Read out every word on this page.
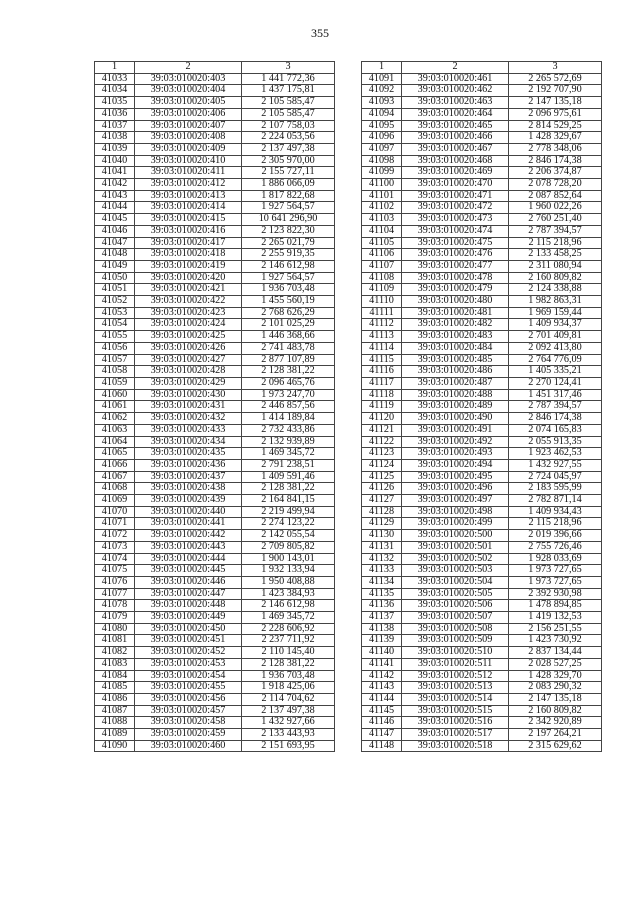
355
1	2	3
41033	39:03:010020:403	1 441 772,36
41034	39:03:010020:404	1 437 175,81
41035	39:03:010020:405	2 105 585,47
41036	39:03:010020:406	2 105 585,47
41037	39:03:010020:407	2 107 758,03
41038	39:03:010020:408	2 224 053,56
41039	39:03:010020:409	2 137 497,38
41040	39:03:010020:410	2 305 970,00
41041	39:03:010020:411	2 155 727,11
41042	39:03:010020:412	1 886 066,09
41043	39:03:010020:413	1 817 822,68
41044	39:03:010020:414	1 927 564,57
41045	39:03:010020:415	10 641 296,90
41046	39:03:010020:416	2 123 822,30
41047	39:03:010020:417	2 265 021,79
41048	39:03:010020:418	2 255 919,35
41049	39:03:010020:419	2 146 612,98
41050	39:03:010020:420	1 927 564,57
41051	39:03:010020:421	1 936 703,48
41052	39:03:010020:422	1 455 560,19
41053	39:03:010020:423	2 768 626,29
41054	39:03:010020:424	2 101 025,29
41055	39:03:010020:425	1 446 368,66
41056	39:03:010020:426	2 741 483,78
41057	39:03:010020:427	2 877 107,89
41058	39:03:010020:428	2 128 381,22
41059	39:03:010020:429	2 096 465,76
41060	39:03:010020:430	1 973 247,70
41061	39:03:010020:431	2 446 857,56
41062	39:03:010020:432	1 414 189,84
41063	39:03:010020:433	2 732 433,86
41064	39:03:010020:434	2 132 939,89
41065	39:03:010020:435	1 469 345,72
41066	39:03:010020:436	2 791 238,51
41067	39:03:010020:437	1 409 591,46
41068	39:03:010020:438	2 128 381,22
41069	39:03:010020:439	2 164 841,15
41070	39:03:010020:440	2 219 499,94
41071	39:03:010020:441	2 274 123,22
41072	39:03:010020:442	2 142 055,54
41073	39:03:010020:443	2 709 805,82
41074	39:03:010020:444	1 900 143,01
41075	39:03:010020:445	1 932 133,94
41076	39:03:010020:446	1 950 408,88
41077	39:03:010020:447	1 423 384,93
41078	39:03:010020:448	2 146 612,98
41079	39:03:010020:449	1 469 345,72
41080	39:03:010020:450	2 228 606,92
41081	39:03:010020:451	2 237 711,92
41082	39:03:010020:452	2 110 145,40
41083	39:03:010020:453	2 128 381,22
41084	39:03:010020:454	1 936 703,48
41085	39:03:010020:455	1 918 425,06
41086	39:03:010020:456	2 114 704,62
41087	39:03:010020:457	2 137 497,38
41088	39:03:010020:458	1 432 927,66
41089	39:03:010020:459	2 133 443,93
41090	39:03:010020:460	2 151 693,95
1	2	3
41091	39:03:010020:461	2 265 572,69
41092	39:03:010020:462	2 192 707,90
41093	39:03:010020:463	2 147 135,18
41094	39:03:010020:464	2 096 975,61
41095	39:03:010020:465	2 814 529,25
41096	39:03:010020:466	1 428 329,67
41097	39:03:010020:467	2 778 348,06
41098	39:03:010020:468	2 846 174,38
41099	39:03:010020:469	2 206 374,87
41100	39:03:010020:470	2 078 728,20
41101	39:03:010020:471	2 087 852,64
41102	39:03:010020:472	1 960 022,26
41103	39:03:010020:473	2 760 251,40
41104	39:03:010020:474	2 787 394,57
41105	39:03:010020:475	2 115 218,96
41106	39:03:010020:476	2 133 458,25
41107	39:03:010020:477	2 311 080,94
41108	39:03:010020:478	2 160 809,82
41109	39:03:010020:479	2 124 338,88
41110	39:03:010020:480	1 982 863,31
41111	39:03:010020:481	1 969 159,44
41112	39:03:010020:482	1 409 934,37
41113	39:03:010020:483	2 701 409,81
41114	39:03:010020:484	2 092 413,80
41115	39:03:010020:485	2 764 776,09
41116	39:03:010020:486	1 405 335,21
41117	39:03:010020:487	2 270 124,41
41118	39:03:010020:488	1 451 317,46
41119	39:03:010020:489	2 787 394,57
41120	39:03:010020:490	2 846 174,38
41121	39:03:010020:491	2 074 165,83
41122	39:03:010020:492	2 055 913,35
41123	39:03:010020:493	1 923 462,53
41124	39:03:010020:494	1 432 927,55
41125	39:03:010020:495	2 724 045,97
41126	39:03:010020:496	2 183 595,99
41127	39:03:010020:497	2 782 871,14
41128	39:03:010020:498	1 409 934,43
41129	39:03:010020:499	2 115 218,96
41130	39:03:010020:500	2 019 396,66
41131	39:03:010020:501	2 755 726,46
41132	39:03:010020:502	1 928 033,69
41133	39:03:010020:503	1 973 727,65
41134	39:03:010020:504	1 973 727,65
41135	39:03:010020:505	2 392 930,98
41136	39:03:010020:506	1 478 894,85
41137	39:03:010020:507	1 419 132,53
41138	39:03:010020:508	2 156 251,55
41139	39:03:010020:509	1 423 730,92
41140	39:03:010020:510	2 837 134,44
41141	39:03:010020:511	2 028 527,25
41142	39:03:010020:512	1 428 329,70
41143	39:03:010020:513	2 083 290,32
41144	39:03:010020:514	2 147 135,18
41145	39:03:010020:515	2 160 809,82
41146	39:03:010020:516	2 342 920,89
41147	39:03:010020:517	2 197 264,21
41148	39:03:010020:518	2 315 629,62
